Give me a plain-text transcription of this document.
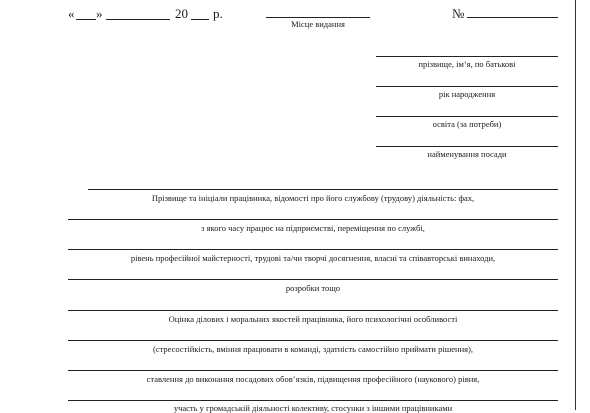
« »	20 р.
Місце видання
№
прізвище, ім’я, по батькові
рік народження
освіта (за потреби)
найменування посади
Прізвище та ініціали працівника, відомості про його службову (трудову) діяльність: фах,
з якого часу працює на підприємстві, переміщення по службі,
рівень професійної майстерності, трудові та/чи творчі досягнення, власні та співавторські винаходи,
розробки тощо
Оцінка ділових і моральних якостей працівника, його психологічні особливості
(стресостійкість, вміння працювати в команді, здатність самостійно приймати рішення),
ставлення до виконання посадових обов’язків, підвищення професійного (наукового) рівня,
участь у громадській діяльності колективу, стосунки з іншими працівниками
